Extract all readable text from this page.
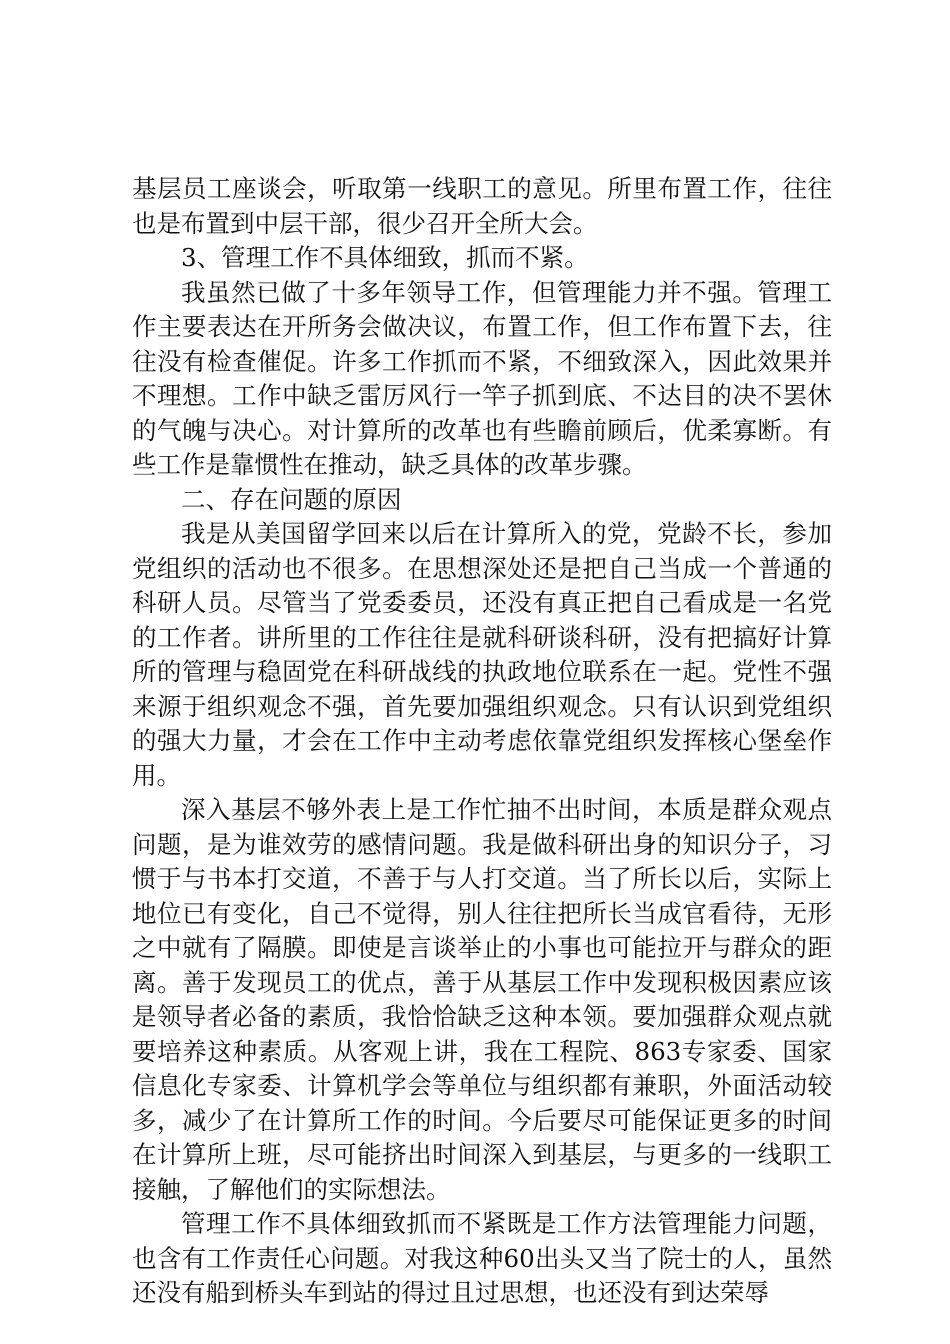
基层员工座谈会，听取第一线职工的意见。所里布置工作，往往也是布置到中层干部，很少召开全所大会。

3、管理工作不具体细致，抓而不紧。

我虽然已做了十多年领导工作，但管理能力并不强。管理工作主要表达在开所务会做决议，布置工作，但工作布置下去，往往没有检查催促。许多工作抓而不紧，不细致深入，因此效果并不理想。工作中缺乏雷厉风行一竿子抓到底、不达目的决不罢休的气魄与决心。对计算所的改革也有些瞻前顾后，优柔寡断。有些工作是靠惯性在推动，缺乏具体的改革步骤。

二、存在问题的原因

我是从美国留学回来以后在计算所入的党，党龄不长，参加党组织的活动也不很多。在思想深处还是把自己当成一个普通的科研人员。尽管当了党委委员，还没有真正把自己看成是一名党的工作者。讲所里的工作往往是就科研谈科研，没有把搞好计算所的管理与稳固党在科研战线的执政地位联系在一起。党性不强来源于组织观念不强，首先要加强组织观念。只有认识到党组织的强大力量，才会在工作中主动考虑依靠党组织发挥核心堡垒作用。

深入基层不够外表上是工作忙抽不出时间，本质是群众观点问题，是为谁效劳的感情问题。我是做科研出身的知识分子，习惯于与书本打交道，不善于与人打交道。当了所长以后，实际上地位已有变化，自己不觉得，别人往往把所长当成官看待，无形之中就有了隔膜。即使是言谈举止的小事也可能拉开与群众的距离。善于发现员工的优点，善于从基层工作中发现积极因素应该是领导者必备的素质，我恰恰缺乏这种本领。要加强群众观点就要培养这种素质。从客观上讲，我在工程院、863专家委、国家信息化专家委、计算机学会等单位与组织都有兼职，外面活动较多，减少了在计算所工作的时间。今后要尽可能保证更多的时间在计算所上班，尽可能挤出时间深入到基层，与更多的一线职工接触，了解他们的实际想法。

管理工作不具体细致抓而不紧既是工作方法管理能力问题，也含有工作责任心问题。对我这种60出头又当了院士的人，虽然还没有船到桥头车到站的得过且过思想，也还没有到达荣辱
